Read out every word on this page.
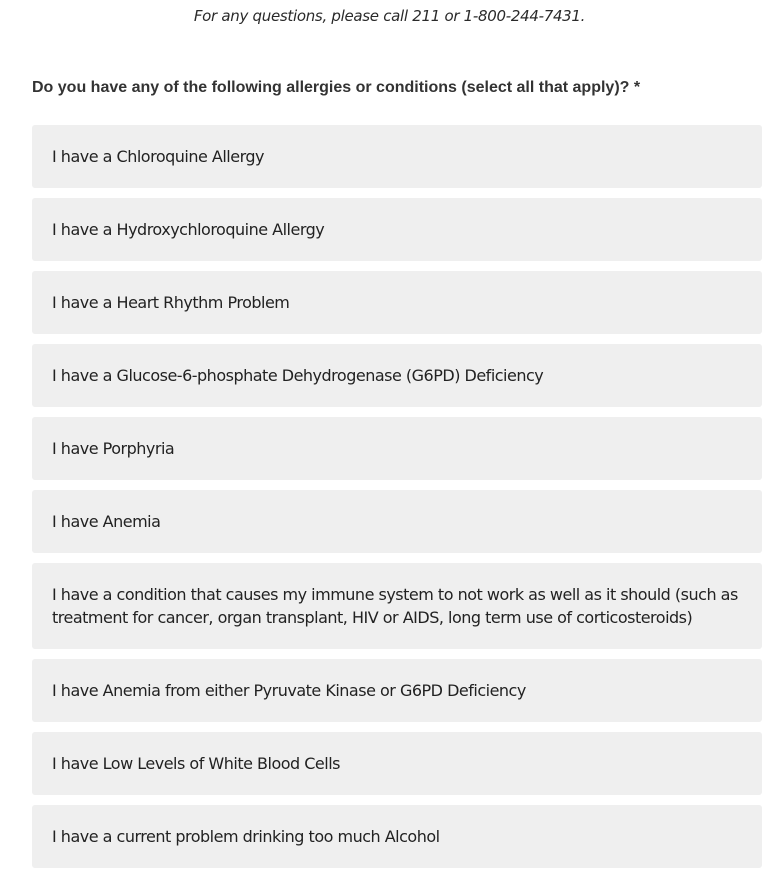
For any questions, please call 211 or 1-800-244-7431.
Do you have any of the following allergies or conditions (select all that apply)? *
I have a Chloroquine Allergy
I have a Hydroxychloroquine Allergy
I have a Heart Rhythm Problem
I have a Glucose-6-phosphate Dehydrogenase (G6PD) Deficiency
I have Porphyria
I have Anemia
I have a condition that causes my immune system to not work as well as it should (such as treatment for cancer, organ transplant, HIV or AIDS, long term use of corticosteroids)
I have Anemia from either Pyruvate Kinase or G6PD Deficiency
I have Low Levels of White Blood Cells
I have a current problem drinking too much Alcohol
